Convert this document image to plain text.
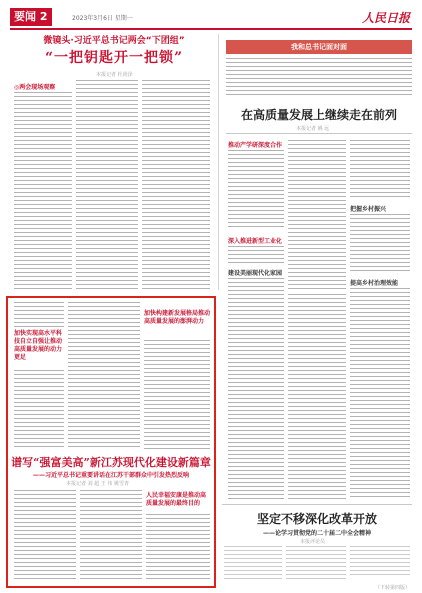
要闻 2	2023年3月6日 星期一	人民日报
微镜头·习近平总书记两会“下团组”
“一把钥匙开一把锁”
本报记者 杜尚泽
◎两会现场观察
我和总书记面对面
在高质量发展上继续走在前列
本报记者 姚 远
推动产学研深度合作
把握乡村振兴
深入推进新型工业化
建设美丽现代化家园
提高乡村治理效能
加快实现高水平科技自立自强让推动高质量发展的动力更足
加快构建新发展格局推动高质量发展的澎湃动力
谱写“强富美高”新江苏现代化建设新篇章
——习近平总书记重要讲话在江苏干部群众中引发热烈反响
本报记者 刘 超 王 伟 姚雪青
人民幸福安康是推动高质量发展的最终目的
坚定不移深化改革开放
——论学习贯彻党的二十届二中全会精神
本报评论员
（下转第四版）
